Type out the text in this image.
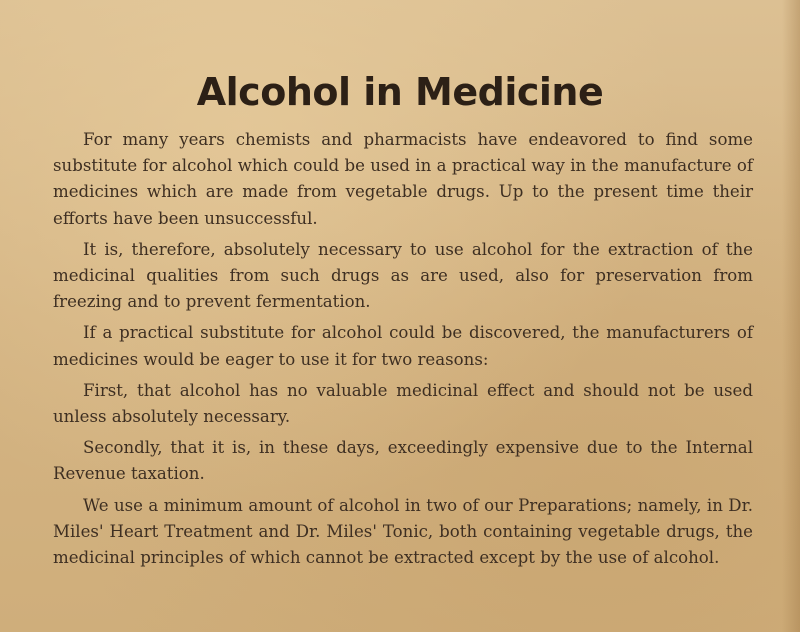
Alcohol in Medicine

For many years chemists and pharmacists have endeavored to find some substitute for alcohol which could be used in a practical way in the manufacture of medicines which are made from vegetable drugs. Up to the present time their efforts have been unsuccessful.

It is, therefore, absolutely necessary to use alcohol for the extraction of the medicinal qualities from such drugs as are used, also for preservation from freezing and to prevent fermentation.

If a practical substitute for alcohol could be discovered, the manufacturers of medicines would be eager to use it for two reasons:

First, that alcohol has no valuable medicinal effect and should not be used unless absolutely necessary.

Secondly, that it is, in these days, exceedingly expensive due to the Internal Revenue taxation.

We use a minimum amount of alcohol in two of our Preparations; namely, in Dr. Miles' Heart Treatment and Dr. Miles' Tonic, both containing vegetable drugs, the medicinal principles of which cannot be extracted except by the use of alcohol.
